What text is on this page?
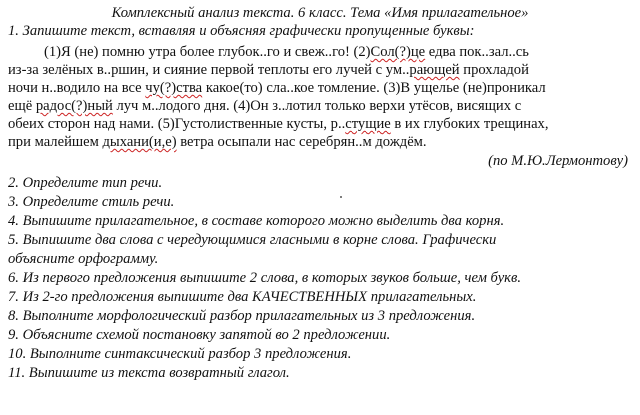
Комплексный анализ текста. 6 класс. Тема «Имя прилагательное»
1. Запишите текст, вставляя и объясняя графически пропущенные буквы:
(1)Я (не) помню утра более глубок..го и свеж..го! (2)Сол(?)це едва пок..зал..сь
из-за зелёных в..ршин, и сияние первой теплоты его лучей с ум..рающей прохладой
ночи н..водило на все чу(?)ства какое(то) сла..кое томление. (3)В ущелье (не)проникал
ещё радос(?)ный луч м..лодого дня. (4)Он з..лотил только верхи утёсов, висящих с
обеих сторон над нами. (5)Густолиственные кусты, р..стущие в их глубоких трещинах,
при малейшем дыхани(и,е) ветра осыпали нас серебрян..м дождём.
(по М.Ю.Лермонтову)
2. Определите тип речи.
3. Определите стиль речи.
4. Выпишите прилагательное, в составе которого можно выделить два корня.
5. Выпишите два слова с чередующимися гласными в корне слова. Графически
объясните орфограмму.
6. Из первого предложения выпишите 2 слова, в которых звуков больше, чем букв.
7. Из 2-го предложения выпишите два КАЧЕСТВЕННЫХ прилагательных.
8. Выполните морфологический разбор прилагательных из 3 предложения.
9. Объясните схемой постановку запятой во 2 предложении.
10. Выполните синтаксический разбор 3 предложения.
11. Выпишите из текста возвратный глагол.
